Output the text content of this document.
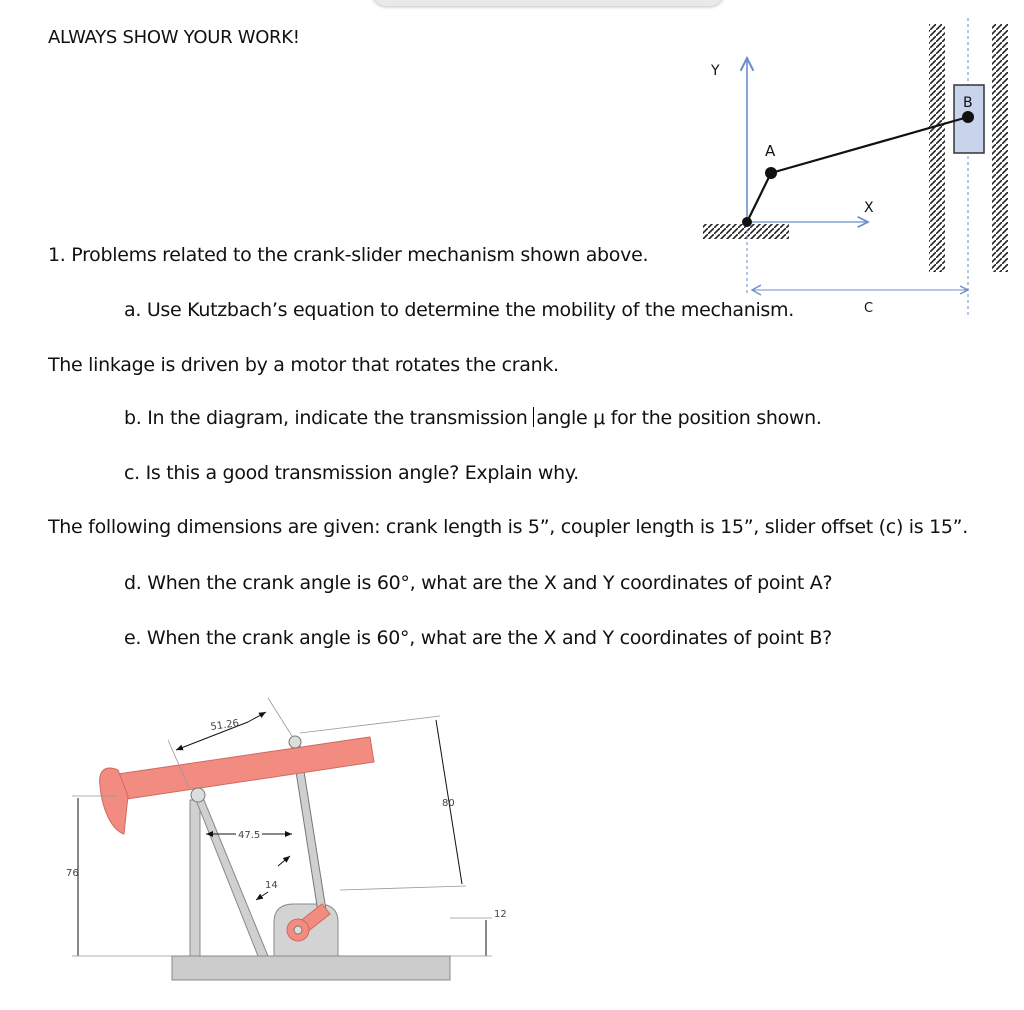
ALWAYS SHOW YOUR WORK!
1. Problems related to the crank-slider mechanism shown above.
a. Use Kutzbach’s equation to determine the mobility of the mechanism.
The linkage is driven by a motor that rotates the crank.
b. In the diagram, indicate the transmission angle μ for the position shown.
c. Is this a good transmission angle? Explain why.
The following dimensions are given: crank length is 5”, coupler length is 15”, slider offset (c) is 15”.
d. When the crank angle is 60°, what are the X and Y coordinates of point A?
e. When the crank angle is 60°, what are the X and Y coordinates of point B?
Y
A
X
B
C
51.26
47.5
14
80
76
12
